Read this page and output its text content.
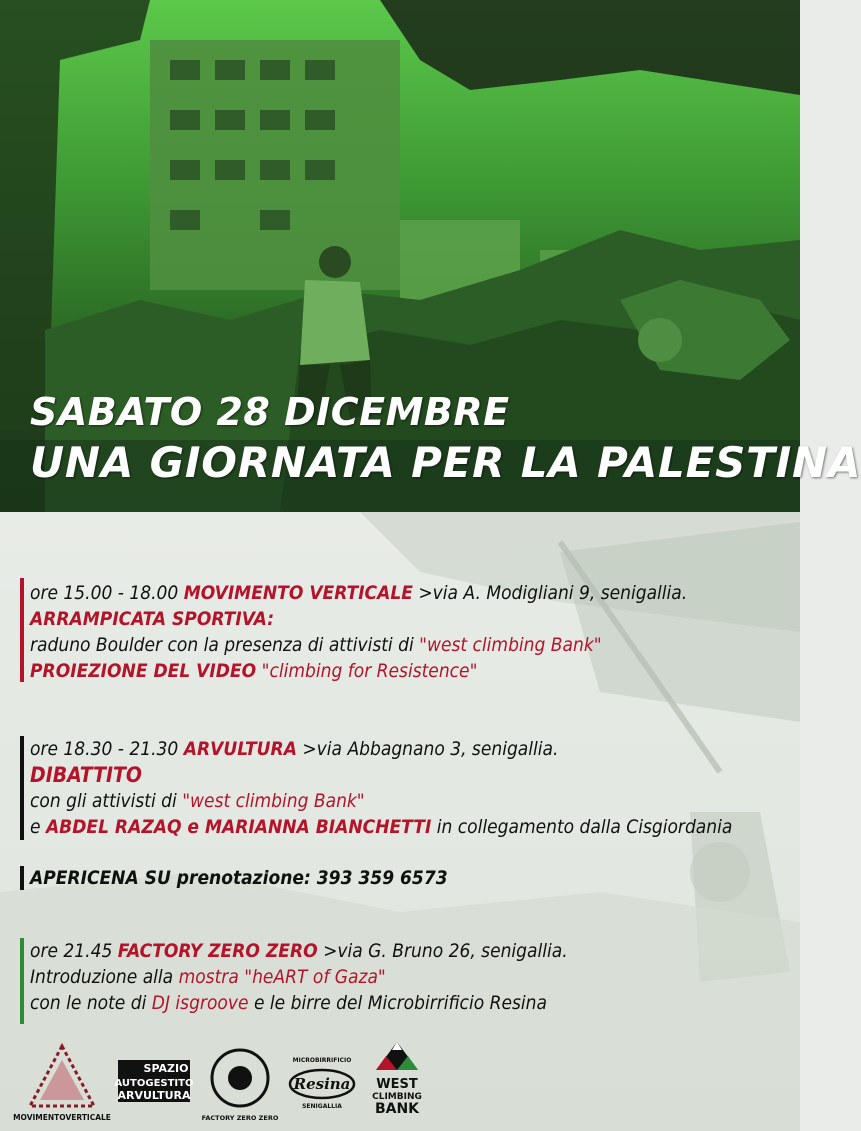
SABATO 28 DICEMBRE
UNA GIORNATA PER LA PALESTINA
ore 15.00 - 18.00 MOVIMENTO VERTICALE >via A. Modigliani 9, senigallia.
ARRAMPICATA SPORTIVA:
raduno Boulder con la presenza di attivisti di "west climbing Bank"
PROIEZIONE DEL VIDEO "climbing for Resistence"
ore 18.30 - 21.30 ARVULTURA >via Abbagnano 3, senigallia.
DIBATTITO
con gli attivisti di "west climbing Bank"
e ABDEL RAZAQ e MARIANNA BIANCHETTI in collegamento dalla Cisgiordania
APERICENA SU prenotazione: 393 359 6573
ore 21.45 FACTORY ZERO ZERO >via G. Bruno 26, senigallia.
Introduzione alla mostra "heART of Gaza"
con le note di DJ isgroove e le birre del Microbirrificio Resina
MOVIMENTOVERTICALE
SPAZIO
AUTOGESTITO
ARVULTURA
FACTORY ZERO ZERO
MICROBIRRIFICIO
Resina
SENIGALLIA
WEST
CLIMBING
BANK
